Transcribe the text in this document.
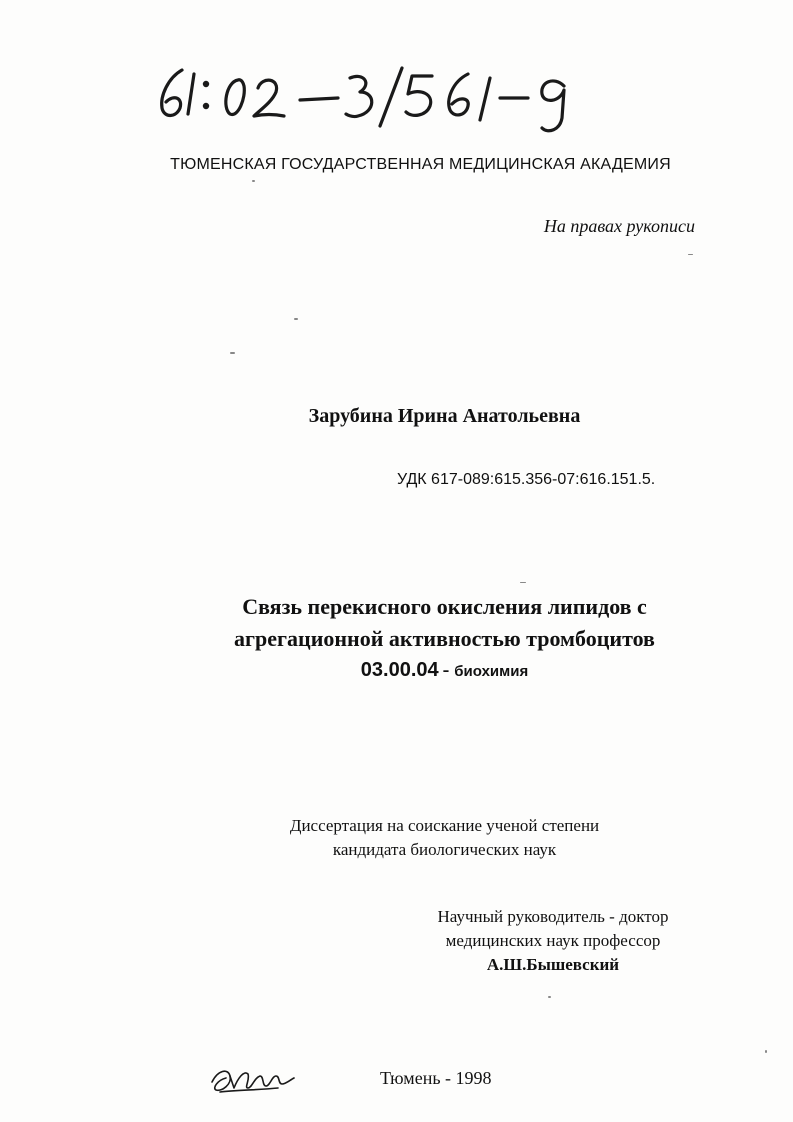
ТЮМЕНСКАЯ ГОСУДАРСТВЕННАЯ МЕДИЦИНСКАЯ АКАДЕМИЯ
На правах рукописи
Зарубина Ирина Анатольевна
УДК 617-089:615.356-07:616.151.5.
Связь перекисного окисления липидов с
агрегационной активностью тромбоцитов
03.00.04 - биохимия
Диссертация на соискание ученой степени
кандидата биологических наук
Научный руководитель - доктор
медицинских наук профессор
А.Ш.Бышевский
Тюмень - 1998
